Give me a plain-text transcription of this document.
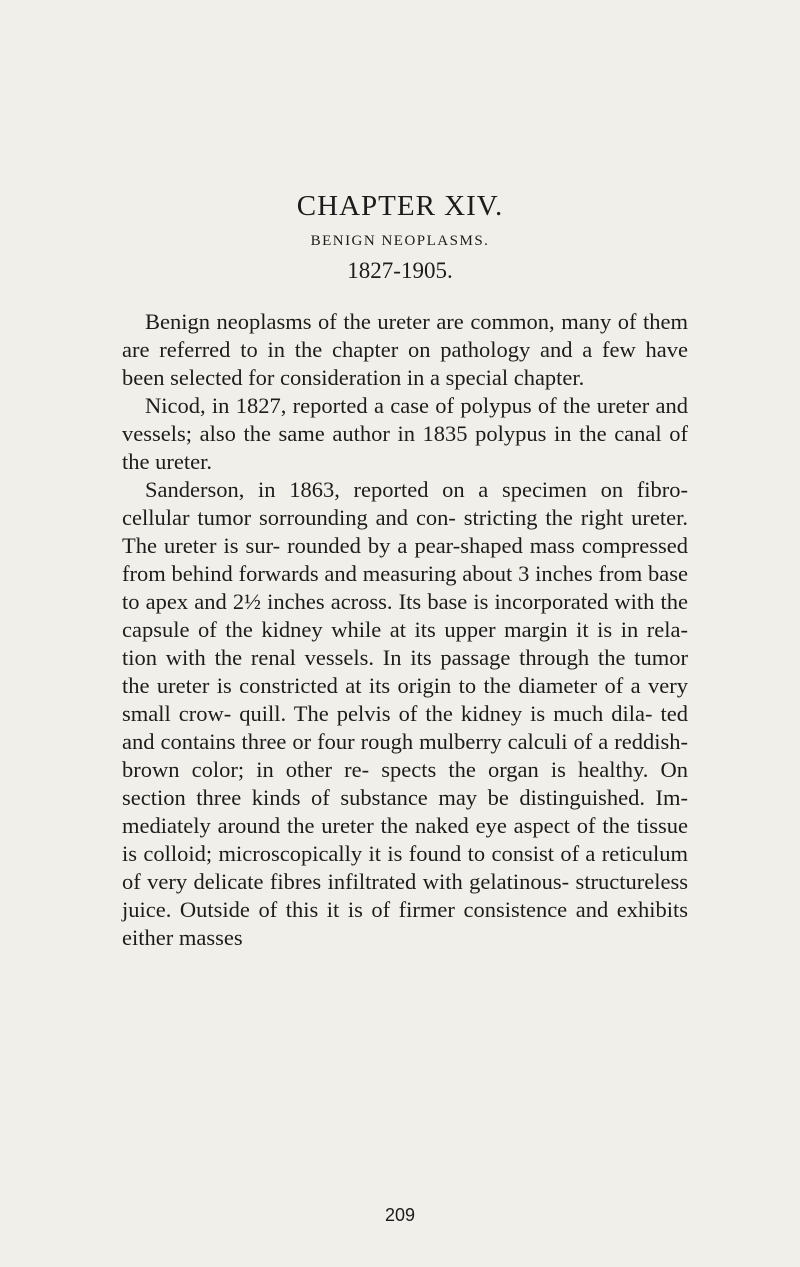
CHAPTER XIV.
BENIGN NEOPLASMS.
1827-1905.

Benign neoplasms of the ureter are common, many of them are referred to in the chapter on pathology and a few have been selected for consideration in a special chapter.

Nicod, in 1827, reported a case of polypus of the ureter and vessels; also the same author in 1835 polypus in the canal of the ureter.

Sanderson, in 1863, reported on a specimen on fibro-cellular tumor sorrounding and con- stricting the right ureter. The ureter is sur- rounded by a pear-shaped mass compressed from behind forwards and measuring about 3 inches from base to apex and 2½ inches across. Its base is incorporated with the capsule of the kidney while at its upper margin it is in rela- tion with the renal vessels. In its passage through the tumor the ureter is constricted at its origin to the diameter of a very small crow- quill. The pelvis of the kidney is much dila- ted and contains three or four rough mulberry calculi of a reddish-brown color; in other re- spects the organ is healthy. On section three kinds of substance may be distinguished. Im- mediately around the ureter the naked eye aspect of the tissue is colloid; microscopically it is found to consist of a reticulum of very delicate fibres infiltrated with gelatinous- structureless juice. Outside of this it is of firmer consistence and exhibits either masses

209
